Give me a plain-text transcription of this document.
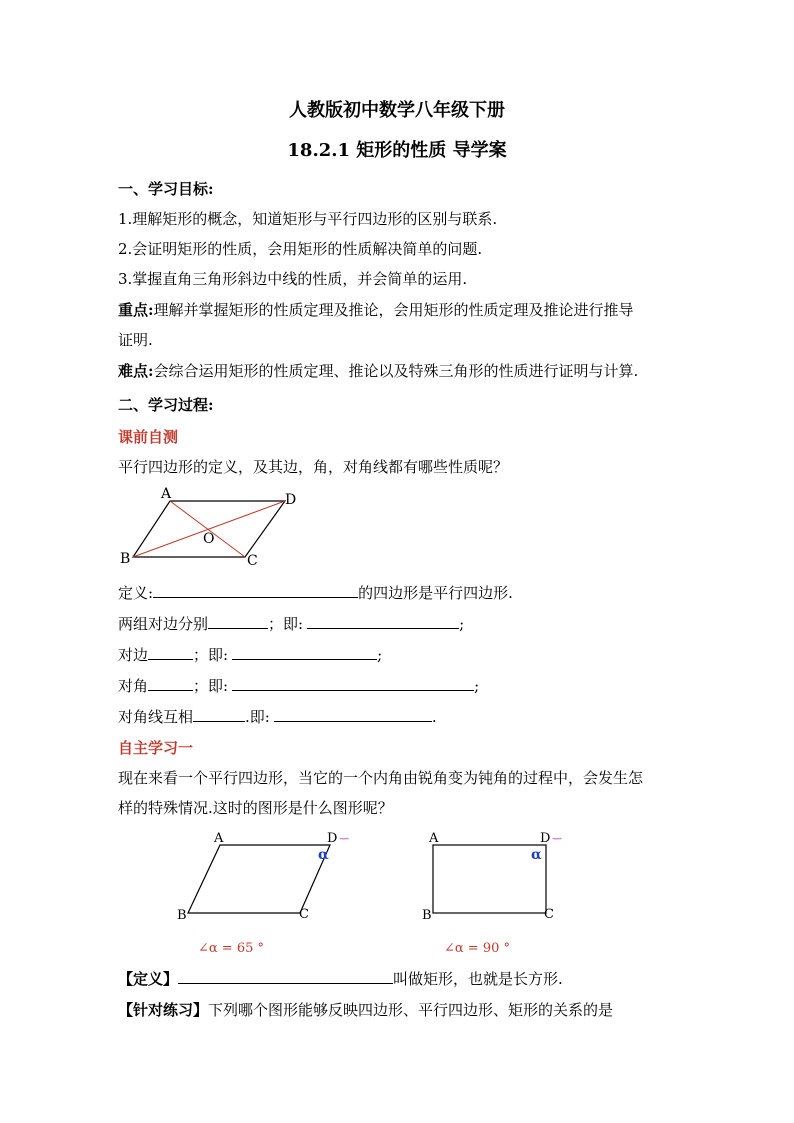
人教版初中数学八年级下册
18.2.1 矩形的性质 导学案
一、学习目标:
1.理解矩形的概念，知道矩形与平行四边形的区别与联系.
2.会证明矩形的性质，会用矩形的性质解决简单的问题.
3.掌握直角三角形斜边中线的性质，并会简单的运用.
重点:理解并掌握矩形的性质定理及推论，会用矩形的性质定理及推论进行推导
证明.
难点:会综合运用矩形的性质定理、推论以及特殊三角形的性质进行证明与计算.
二、学习过程:
课前自测
平行四边形的定义，及其边，角，对角线都有哪些性质呢？
A	D
B	C
O
定义:	的四边形是平行四边形.
两组对边分别	；即:	;
对边	；即:	;
对角	；即:	;
对角线互相	.即:	.
自主学习一
现在来看一个平行四边形，当它的一个内角由锐角变为钝角的过程中，会发生怎
样的特殊情况.这时的图形是什么图形呢？
A	D ⟿
α
B	C
∠α = 65 °
A	D ⟿
α
B	C
∠α = 90 °
【定义】	叫做矩形，也就是长方形.
【针对练习】下列哪个图形能够反映四边形、平行四边形、矩形的关系的是
